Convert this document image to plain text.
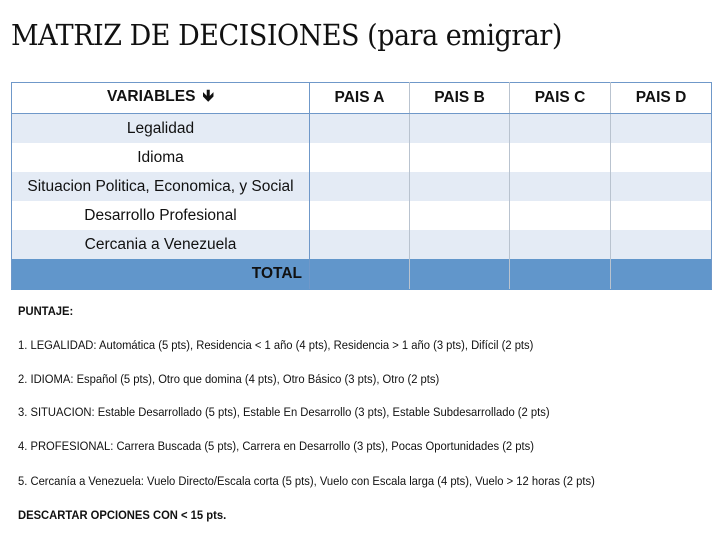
MATRIZ DE DECISIONES (para emigrar)
VARIABLES 🡻	PAIS A	PAIS B	PAIS C	PAIS D
Legalidad				
Idioma				
Situacion Politica, Economica, y Social				
Desarrollo Profesional				
Cercania a Venezuela				
TOTAL				
PUNTAJE:
1. LEGALIDAD: Automática (5 pts), Residencia < 1 año (4 pts), Residencia > 1 año (3 pts), Difícil (2 pts)
2. IDIOMA: Español (5 pts), Otro que domina (4 pts), Otro Básico (3 pts), Otro (2 pts)
3. SITUACION: Estable Desarrollado (5 pts), Estable En Desarrollo (3 pts), Estable Subdesarrollado (2 pts)
4. PROFESIONAL: Carrera Buscada (5 pts), Carrera en Desarrollo (3 pts), Pocas Oportunidades (2 pts)
5. Cercanía a Venezuela: Vuelo Directo/Escala corta (5 pts), Vuelo con Escala larga (4 pts), Vuelo > 12 horas (2 pts)
DESCARTAR OPCIONES CON < 15 pts.
